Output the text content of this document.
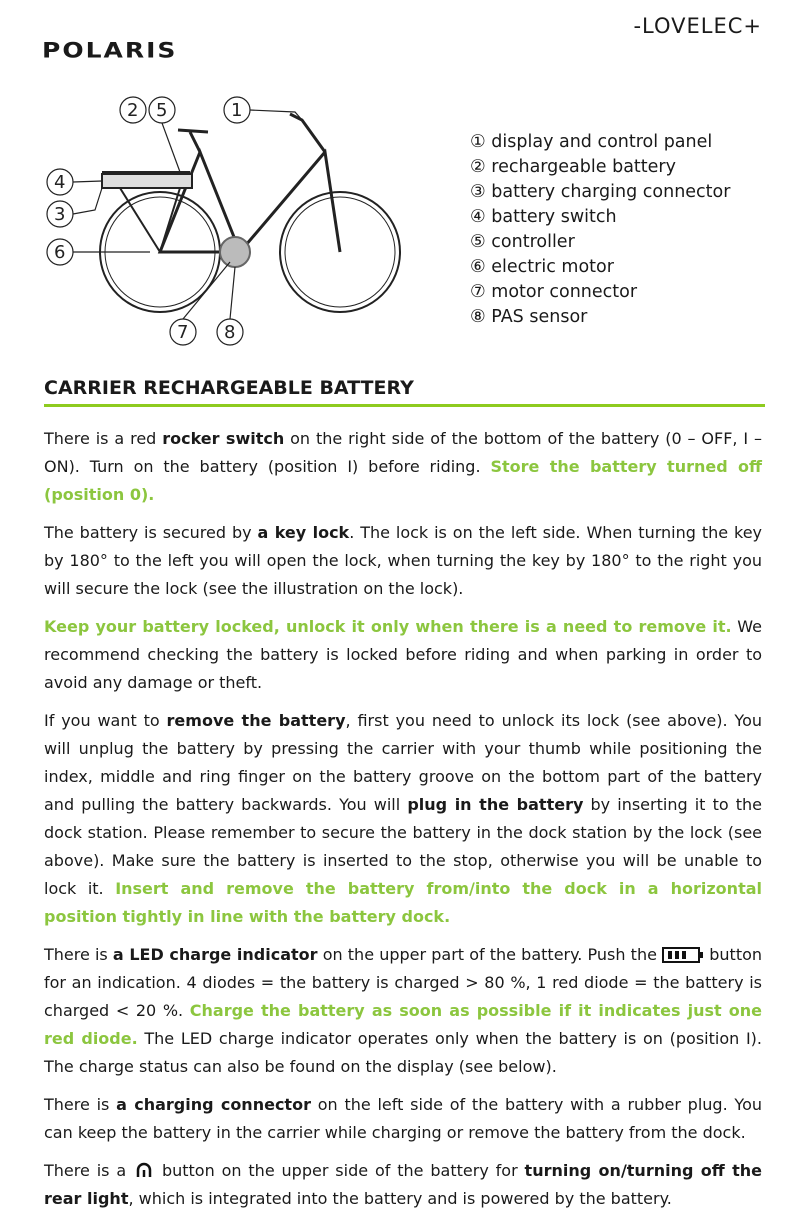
POLARIS
-LOVELEC+
2 5	1
4
3
6
7 8
① display and control panel
② rechargeable battery
③ battery charging connector
④ battery switch
⑤ controller
⑥ electric motor
⑦ motor connector
⑧ PAS sensor
CARRIER RECHARGEABLE BATTERY

There is a red rocker switch on the right side of the bottom of the battery (0 – OFF, I – ON). Turn on the battery (position I) before riding. Store the battery turned off (position 0).

The battery is secured by a key lock. The lock is on the left side. When turning the key by 180° to the left you will open the lock, when turning the key by 180° to the right you will secure the lock (see the illustration on the lock).

Keep your battery locked, unlock it only when there is a need to remove it. We recommend checking the battery is locked before riding and when parking in order to avoid any damage or theft.

If you want to remove the battery, first you need to unlock its lock (see above). You will unplug the battery by pressing the carrier with your thumb while positioning the index, middle and ring finger on the battery groove on the bottom part of the battery and pulling the battery backwards. You will plug in the battery by inserting it to the dock station. Please remember to secure the battery in the dock station by the lock (see above). Make sure the battery is inserted to the stop, otherwise you will be unable to lock it. Insert and remove the battery from/into the dock in a horizontal position tightly in line with the battery dock.

There is a LED charge indicator on the upper part of the battery. Push the	button for an indication. 4 diodes = the battery is charged > 80 %, 1 red diode = the battery is charged < 20 %. Charge the battery as soon as possible if it indicates just one red diode. The LED charge indicator operates only when the battery is on (position I). The charge status can also be found on the display (see below).

There is a charging connector on the left side of the battery with a rubber plug. You can keep the battery in the carrier while charging or remove the battery from the dock.

There is a  button on the upper side of the battery for turning on/turning off the rear light, which is integrated into the battery and is powered by the battery.
